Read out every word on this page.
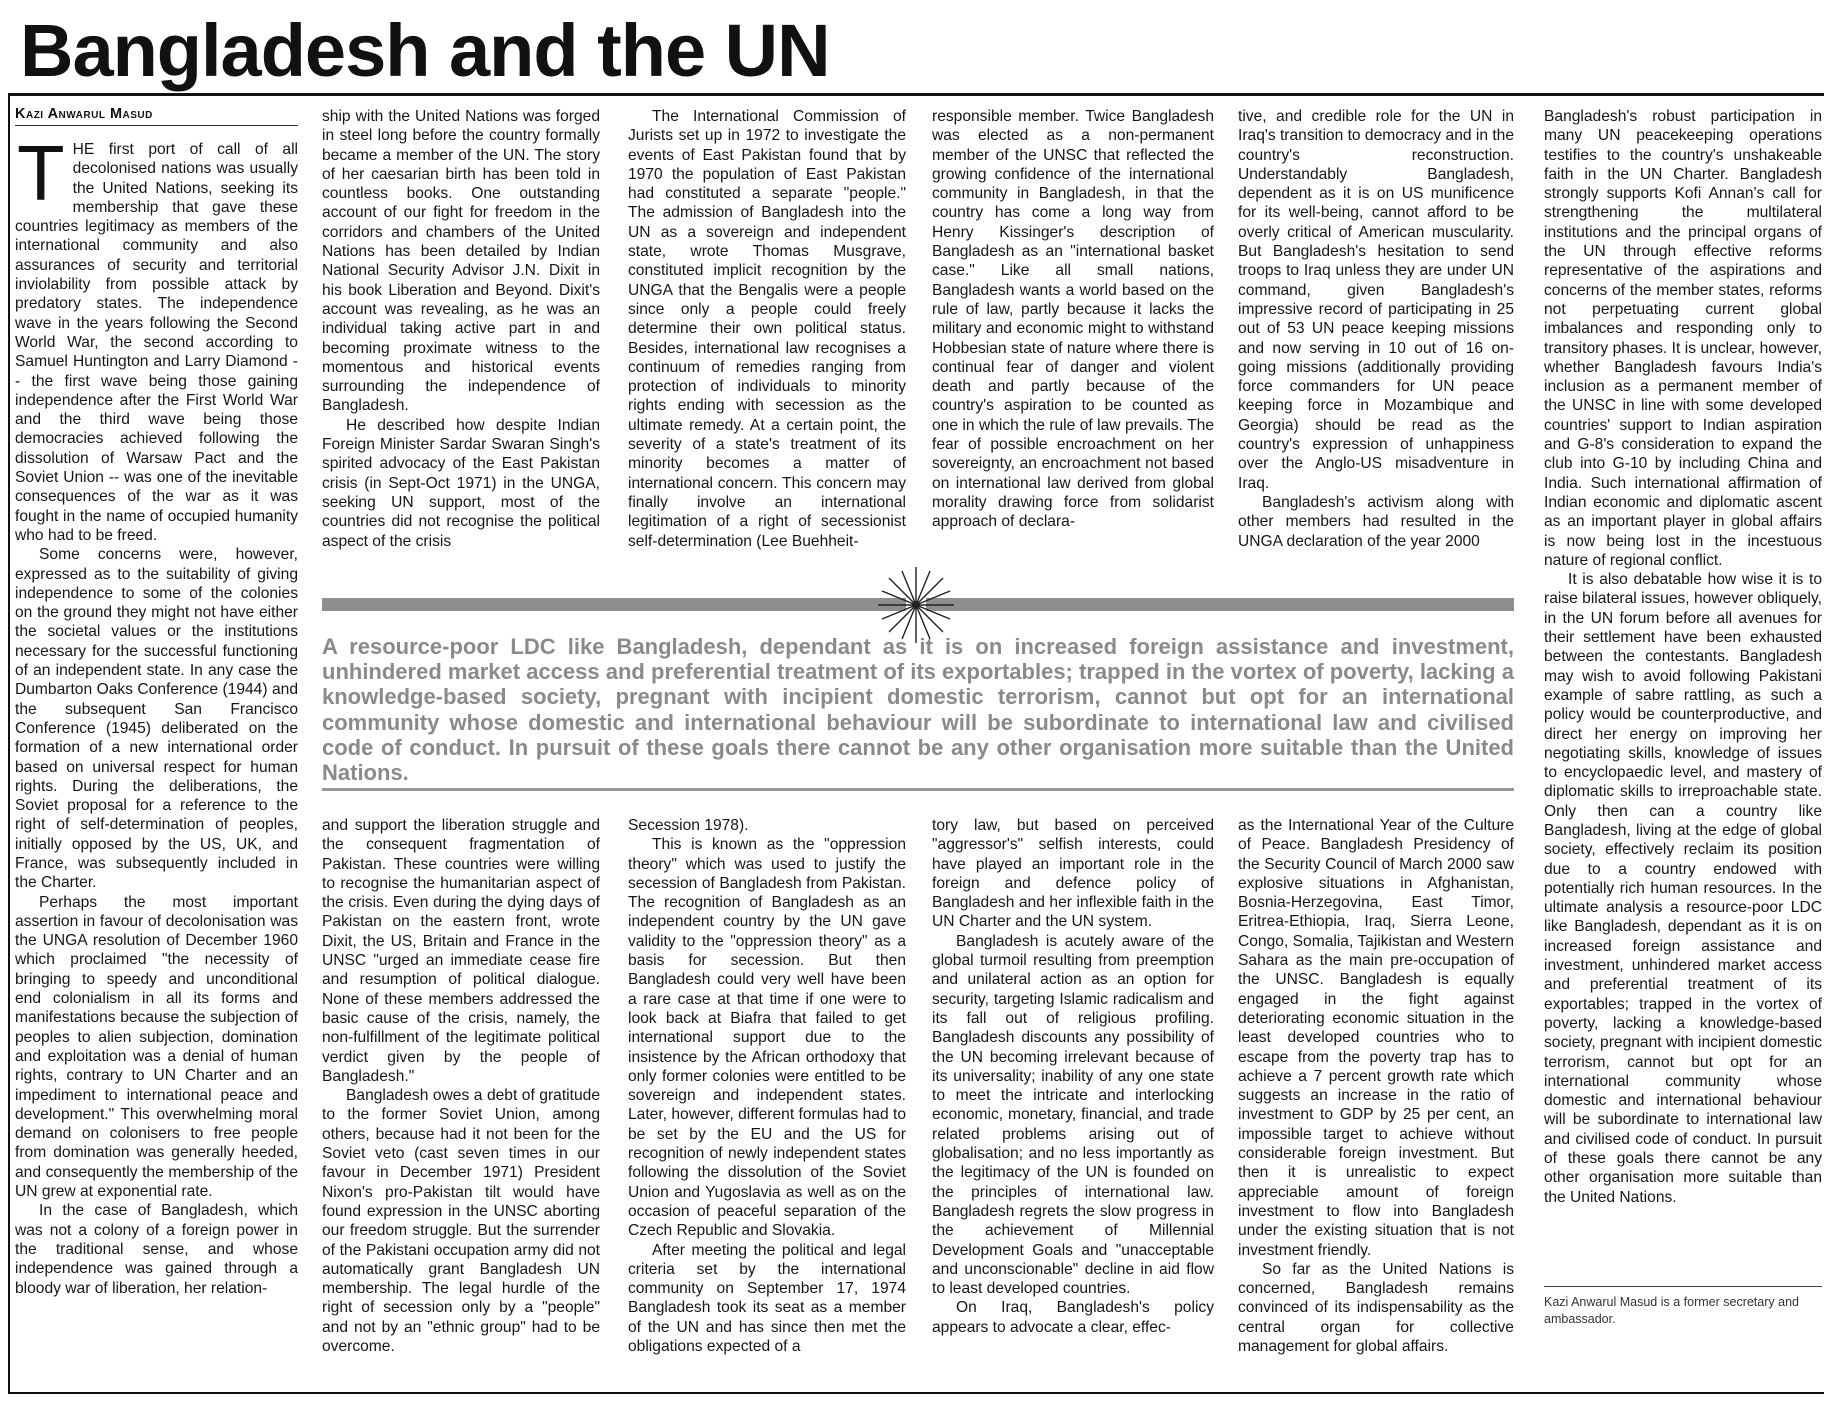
Bangladesh and the UN
Kazi Anwarul Masud

THE first port of call of all decolonised nations was usually the United Nations, seeking its membership that gave these countries legitimacy as members of the international community and also assurances of security and territorial inviolability from possible attack by predatory states. The independence wave in the years following the Second World War, the second according to Samuel Huntington and Larry Diamond -- the first wave being those gaining independence after the First World War and the third wave being those democracies achieved following the dissolution of Warsaw Pact and the Soviet Union -- was one of the inevitable consequences of the war as it was fought in the name of occupied humanity who had to be freed.

Some concerns were, however, expressed as to the suitability of giving independence to some of the colonies on the ground they might not have either the societal values or the institutions necessary for the successful functioning of an independent state. In any case the Dumbarton Oaks Conference (1944) and the subsequent San Francisco Conference (1945) deliberated on the formation of a new international order based on universal respect for human rights. During the deliberations, the Soviet proposal for a reference to the right of self-determination of peoples, initially opposed by the US, UK, and France, was subsequently included in the Charter.

Perhaps the most important assertion in favour of decolonisation was the UNGA resolution of December 1960 which proclaimed "the necessity of bringing to speedy and unconditional end colonialism in all its forms and manifestations because the subjection of peoples to alien subjection, domination and exploitation was a denial of human rights, contrary to UN Charter and an impediment to international peace and development." This overwhelming moral demand on colonisers to free people from domination was generally heeded, and consequently the membership of the UN grew at exponential rate.

In the case of Bangladesh, which was not a colony of a foreign power in the traditional sense, and whose independence was gained through a bloody war of liberation, her relation-

ship with the United Nations was forged in steel long before the country formally became a member of the UN. The story of her caesarian birth has been told in countless books. One outstanding account of our fight for freedom in the corridors and chambers of the United Nations has been detailed by Indian National Security Advisor J.N. Dixit in his book Liberation and Beyond. Dixit's account was revealing, as he was an individual taking active part in and becoming proximate witness to the momentous and historical events surrounding the independence of Bangladesh.

He described how despite Indian Foreign Minister Sardar Swaran Singh's spirited advocacy of the East Pakistan crisis (in Sept-Oct 1971) in the UNGA, seeking UN support, most of the countries did not recognise the political aspect of the crisis

The International Commission of Jurists set up in 1972 to investigate the events of East Pakistan found that by 1970 the population of East Pakistan had constituted a separate "people." The admission of Bangladesh into the UN as a sovereign and independent state, wrote Thomas Musgrave, constituted implicit recognition by the UNGA that the Bengalis were a people since only a people could freely determine their own political status. Besides, international law recognises a continuum of remedies ranging from protection of individuals to minority rights ending with secession as the ultimate remedy. At a certain point, the severity of a state's treatment of its minority becomes a matter of international concern. This concern may finally involve an international legitimation of a right of secessionist self-determination (Lee Buehheit-

responsible member. Twice Bangladesh was elected as a non-permanent member of the UNSC that reflected the growing confidence of the international community in Bangladesh, in that the country has come a long way from Henry Kissinger's description of Bangladesh as an "international basket case." Like all small nations, Bangladesh wants a world based on the rule of law, partly because it lacks the military and economic might to withstand Hobbesian state of nature where there is continual fear of danger and violent death and partly because of the country's aspiration to be counted as one in which the rule of law prevails. The fear of possible encroachment on her sovereignty, an encroachment not based on international law derived from global morality drawing force from solidarist approach of declara-

tive, and credible role for the UN in Iraq's transition to democracy and in the country's reconstruction. Understandably Bangladesh, dependent as it is on US munificence for its well-being, cannot afford to be overly critical of American muscularity. But Bangladesh's hesitation to send troops to Iraq unless they are under UN command, given Bangladesh's impressive record of participating in 25 out of 53 UN peace keeping missions and now serving in 10 out of 16 on-going missions (additionally providing force commanders for UN peace keeping force in Mozambique and Georgia) should be read as the country's expression of unhappiness over the Anglo-US misadventure in Iraq.

Bangladesh's activism along with other members had resulted in the UNGA declaration of the year 2000

A resource-poor LDC like Bangladesh, dependant as it is on increased foreign assistance and investment, unhindered market access and preferential treatment of its exportables; trapped in the vortex of poverty, lacking a knowledge-based society, pregnant with incipient domestic terrorism, cannot but opt for an international community whose domestic and international behaviour will be subordinate to international law and civilised code of conduct. In pursuit of these goals there cannot be any other organisation more suitable than the United Nations.

and support the liberation struggle and the consequent fragmentation of Pakistan. These countries were willing to recognise the humanitarian aspect of the crisis. Even during the dying days of Pakistan on the eastern front, wrote Dixit, the US, Britain and France in the UNSC "urged an immediate cease fire and resumption of political dialogue. None of these members addressed the basic cause of the crisis, namely, the non-fulfillment of the legitimate political verdict given by the people of Bangladesh."

Bangladesh owes a debt of gratitude to the former Soviet Union, among others, because had it not been for the Soviet veto (cast seven times in our favour in December 1971) President Nixon's pro-Pakistan tilt would have found expression in the UNSC aborting our freedom struggle. But the surrender of the Pakistani occupation army did not automatically grant Bangladesh UN membership. The legal hurdle of the right of secession only by a "people" and not by an "ethnic group" had to be overcome.

Secession 1978).

This is known as the "oppression theory" which was used to justify the secession of Bangladesh from Pakistan. The recognition of Bangladesh as an independent country by the UN gave validity to the "oppression theory" as a basis for secession. But then Bangladesh could very well have been a rare case at that time if one were to look back at Biafra that failed to get international support due to the insistence by the African orthodoxy that only former colonies were entitled to be sovereign and independent states. Later, however, different formulas had to be set by the EU and the US for recognition of newly independent states following the dissolution of the Soviet Union and Yugoslavia as well as on the occasion of peaceful separation of the Czech Republic and Slovakia.

After meeting the political and legal criteria set by the international community on September 17, 1974 Bangladesh took its seat as a member of the UN and has since then met the obligations expected of a

tory law, but based on perceived "aggressor's" selfish interests, could have played an important role in the foreign and defence policy of Bangladesh and her inflexible faith in the UN Charter and the UN system.

Bangladesh is acutely aware of the global turmoil resulting from preemption and unilateral action as an option for security, targeting Islamic radicalism and its fall out of religious profiling. Bangladesh discounts any possibility of the UN becoming irrelevant because of its universality; inability of any one state to meet the intricate and interlocking economic, monetary, financial, and trade related problems arising out of globalisation; and no less importantly as the legitimacy of the UN is founded on the principles of international law. Bangladesh regrets the slow progress in the achievement of Millennial Development Goals and "unacceptable and unconscionable" decline in aid flow to least developed countries.

On Iraq, Bangladesh's policy appears to advocate a clear, effec-

as the International Year of the Culture of Peace. Bangladesh Presidency of the Security Council of March 2000 saw explosive situations in Afghanistan, Bosnia-Herzegovina, East Timor, Eritrea-Ethiopia, Iraq, Sierra Leone, Congo, Somalia, Tajikistan and Western Sahara as the main pre-occupation of the UNSC. Bangladesh is equally engaged in the fight against deteriorating economic situation in the least developed countries who to escape from the poverty trap has to achieve a 7 percent growth rate which suggests an increase in the ratio of investment to GDP by 25 per cent, an impossible target to achieve without considerable foreign investment. But then it is unrealistic to expect appreciable amount of foreign investment to flow into Bangladesh under the existing situation that is not investment friendly.

So far as the United Nations is concerned, Bangladesh remains convinced of its indispensability as the central organ for collective management for global affairs.

Bangladesh's robust participation in many UN peacekeeping operations testifies to the country's unshakeable faith in the UN Charter. Bangladesh strongly supports Kofi Annan's call for strengthening the multilateral institutions and the principal organs of the UN through effective reforms representative of the aspirations and concerns of the member states, reforms not perpetuating current global imbalances and responding only to transitory phases. It is unclear, however, whether Bangladesh favours India's inclusion as a permanent member of the UNSC in line with some developed countries' support to Indian aspiration and G-8's consideration to expand the club into G-10 by including China and India. Such international affirmation of Indian economic and diplomatic ascent as an important player in global affairs is now being lost in the incestuous nature of regional conflict.

It is also debatable how wise it is to raise bilateral issues, however obliquely, in the UN forum before all avenues for their settlement have been exhausted between the contestants. Bangladesh may wish to avoid following Pakistani example of sabre rattling, as such a policy would be counterproductive, and direct her energy on improving her negotiating skills, knowledge of issues to encyclopaedic level, and mastery of diplomatic skills to irreproachable state. Only then can a country like Bangladesh, living at the edge of global society, effectively reclaim its position due to a country endowed with potentially rich human resources. In the ultimate analysis a resource-poor LDC like Bangladesh, dependant as it is on increased foreign assistance and investment, unhindered market access and preferential treatment of its exportables; trapped in the vortex of poverty, lacking a knowledge-based society, pregnant with incipient domestic terrorism, cannot but opt for an international community whose domestic and international behaviour will be subordinate to international law and civilised code of conduct. In pursuit of these goals there cannot be any other organisation more suitable than the United Nations.

Kazi Anwarul Masud is a former secretary and ambassador.
